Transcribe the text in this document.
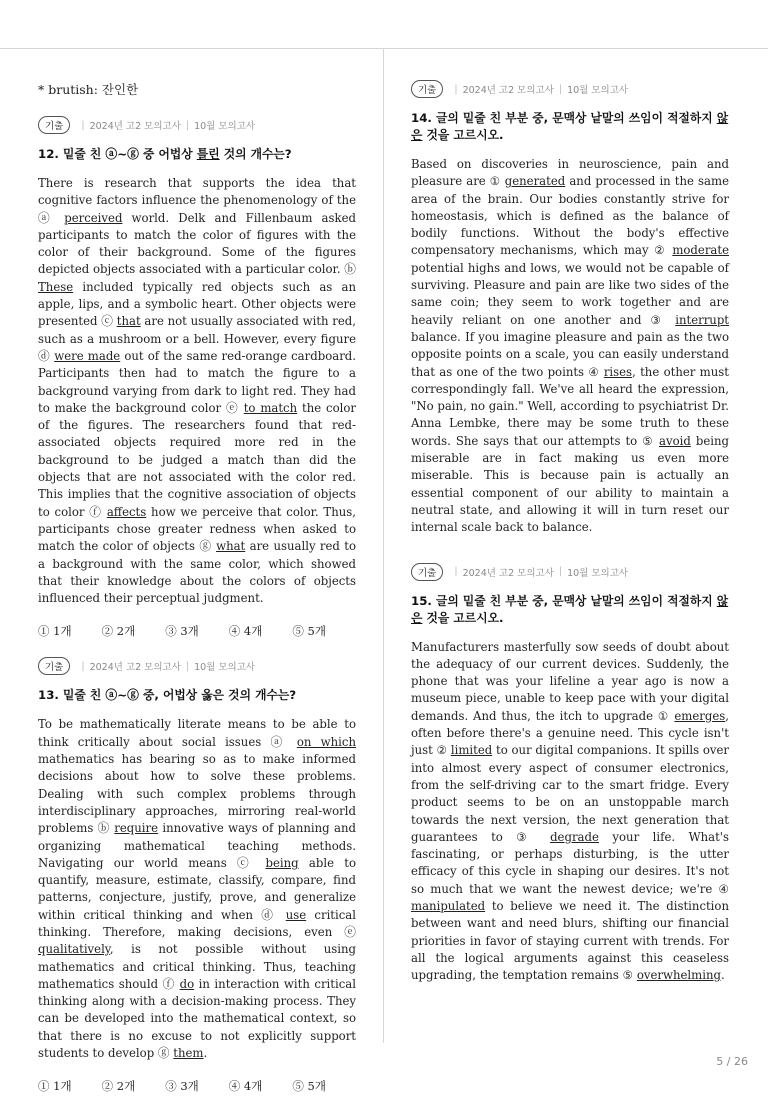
* brutish: 잔인한
기출	| 2024년 고2 모의고사 | 10월 모의고사
12. 밑줄 친 ⓐ~ⓖ 중 어법상 틀린 것의 개수는?

There is research that supports the idea that cognitive factors influence the phenomenology of the ⓐ perceived world. Delk and Fillenbaum asked participants to match the color of figures with the color of their background. Some of the figures depicted objects associated with a particular color. ⓑ These included typically red objects such as an apple, lips, and a symbolic heart. Other objects were presented ⓒ that are not usually associated with red, such as a mushroom or a bell. However, every figure ⓓ were made out of the same red-orange cardboard. Participants then had to match the figure to a background varying from dark to light red. They had to make the background color ⓔ to match the color of the figures. The researchers found that red-associated objects required more red in the background to be judged a match than did the objects that are not associated with the color red. This implies that the cognitive association of objects to color ⓕ affects how we perceive that color. Thus, participants chose greater redness when asked to match the color of objects ⓖ what are usually red to a background with the same color, which showed that their knowledge about the colors of objects influenced their perceptual judgment.

① 1개	② 2개	③ 3개	④ 4개	⑤ 5개
기출	| 2024년 고2 모의고사 | 10월 모의고사
13. 밑줄 친 ⓐ~ⓖ 중, 어법상 옳은 것의 개수는?

To be mathematically literate means to be able to think critically about social issues ⓐ on which mathematics has bearing so as to make informed decisions about how to solve these problems. Dealing with such complex problems through interdisciplinary approaches, mirroring real-world problems ⓑ require innovative ways of planning and organizing mathematical teaching methods. Navigating our world means ⓒ being able to quantify, measure, estimate, classify, compare, find patterns, conjecture, justify, prove, and generalize within critical thinking and when ⓓ use critical thinking. Therefore, making decisions, even ⓔ qualitatively, is not possible without using mathematics and critical thinking. Thus, teaching mathematics should ⓕ do in interaction with critical thinking along with a decision-making process. They can be developed into the mathematical context, so that there is no excuse to not explicitly support students to develop ⓖ them.

① 1개	② 2개	③ 3개	④ 4개	⑤ 5개
기출	| 2024년 고2 모의고사 | 10월 모의고사
14. 글의 밑줄 친 부분 중, 문맥상 낱말의 쓰임이 적절하지 않은 것을 고르시오.

Based on discoveries in neuroscience, pain and pleasure are ① generated and processed in the same area of the brain. Our bodies constantly strive for homeostasis, which is defined as the balance of bodily functions. Without the body's effective compensatory mechanisms, which may ② moderate potential highs and lows, we would not be capable of surviving. Pleasure and pain are like two sides of the same coin; they seem to work together and are heavily reliant on one another and ③ interrupt balance. If you imagine pleasure and pain as the two opposite points on a scale, you can easily understand that as one of the two points ④ rises, the other must correspondingly fall. We've all heard the expression, "No pain, no gain." Well, according to psychiatrist Dr. Anna Lembke, there may be some truth to these words. She says that our attempts to ⑤ avoid being miserable are in fact making us even more miserable. This is because pain is actually an essential component of our ability to maintain a neutral state, and allowing it will in turn reset our internal scale back to balance.

기출	| 2024년 고2 모의고사 | 10월 모의고사
15. 글의 밑줄 친 부분 중, 문맥상 낱말의 쓰임이 적절하지 않은 것을 고르시오.

Manufacturers masterfully sow seeds of doubt about the adequacy of our current devices. Suddenly, the phone that was your lifeline a year ago is now a museum piece, unable to keep pace with your digital demands. And thus, the itch to upgrade ① emerges, often before there's a genuine need. This cycle isn't just ② limited to our digital companions. It spills over into almost every aspect of consumer electronics, from the self-driving car to the smart fridge. Every product seems to be on an unstoppable march towards the next version, the next generation that guarantees to ③ degrade your life. What's fascinating, or perhaps disturbing, is the utter efficacy of this cycle in shaping our desires. It's not so much that we want the newest device; we're ④ manipulated to believe we need it. The distinction between want and need blurs, shifting our financial priorities in favor of staying current with trends. For all the logical arguments against this ceaseless upgrading, the temptation remains ⑤ overwhelming.

5 / 26
